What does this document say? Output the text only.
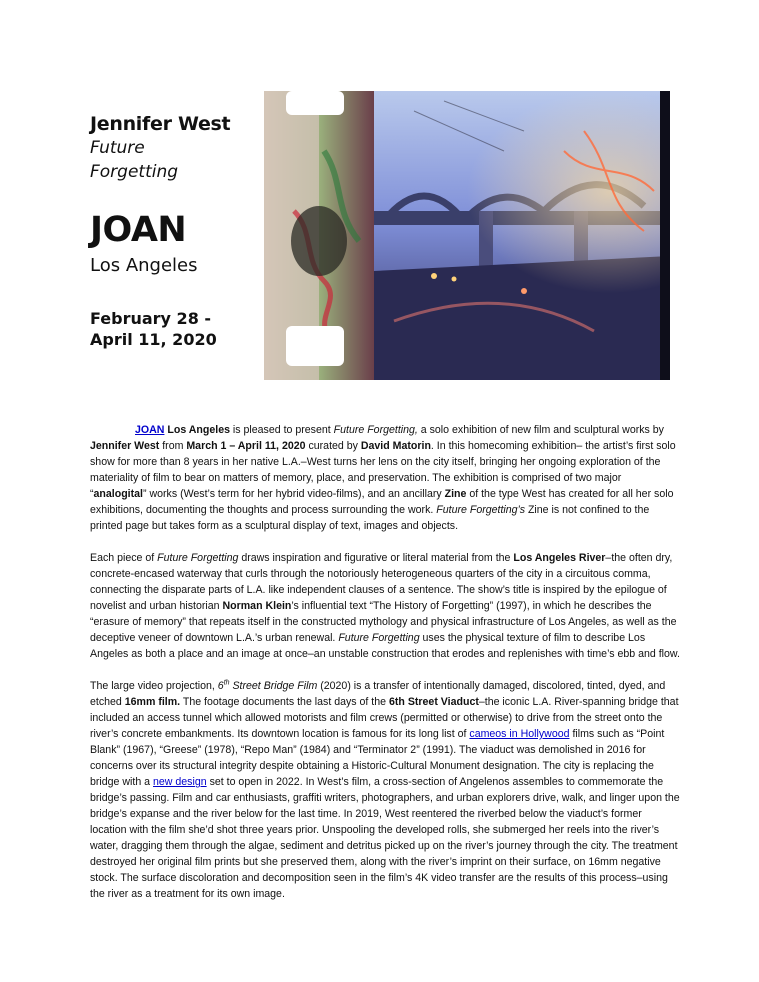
Jennifer West

Future

Forgetting

JOAN

Los Angeles

February 28 -
April 11, 2020

JOAN Los Angeles is pleased to present Future Forgetting, a solo exhibition of new film and sculptural works by Jennifer West from March 1 – April 11, 2020 curated by David Matorin. In this homecoming exhibition– the artist’s first solo show for more than 8 years in her native L.A.–West turns her lens on the city itself, bringing her ongoing exploration of the materiality of film to bear on matters of memory, place, and preservation. The exhibition is comprised of two major “analogital” works (West’s term for her hybrid video-films), and an ancillary Zine of the type West has created for all her solo exhibitions, documenting the thoughts and process surrounding the work. Future Forgetting’s Zine is not confined to the printed page but takes form as a sculptural display of text, images and objects.

Each piece of Future Forgetting draws inspiration and figurative or literal material from the Los Angeles River–the often dry, concrete-encased waterway that curls through the notoriously heterogeneous quarters of the city in a circuitous comma, connecting the disparate parts of L.A. like independent clauses of a sentence. The show’s title is inspired by the epilogue of novelist and urban historian Norman Klein’s influential text “The History of Forgetting” (1997), in which he describes the “erasure of memory” that repeats itself in the constructed mythology and physical infrastructure of Los Angeles, as well as the deceptive veneer of downtown L.A.’s urban renewal. Future Forgetting uses the physical texture of film to describe Los Angeles as both a place and an image at once–an unstable construction that erodes and replenishes with time’s ebb and flow.

The large video projection, 6th Street Bridge Film (2020) is a transfer of intentionally damaged, discolored, tinted, dyed, and etched 16mm film. The footage documents the last days of the 6th Street Viaduct–the iconic L.A. River-spanning bridge that included an access tunnel which allowed motorists and film crews (permitted or otherwise) to drive from the street onto the river’s concrete embankments. Its downtown location is famous for its long list of cameos in Hollywood films such as “Point Blank” (1967), “Greese” (1978), “Repo Man” (1984) and “Terminator 2” (1991). The viaduct was demolished in 2016 for concerns over its structural integrity despite obtaining a Historic-Cultural Monument designation. The city is replacing the bridge with a new design set to open in 2022. In West’s film, a cross-section of Angelenos assembles to commemorate the bridge’s passing. Film and car enthusiasts, graffiti writers, photographers, and urban explorers drive, walk, and linger upon the bridge’s expanse and the river below for the last time. In 2019, West reentered the riverbed below the viaduct’s former location with the film she’d shot three years prior. Unspooling the developed rolls, she submerged her reels into the river’s water, dragging them through the algae, sediment and detritus picked up on the river’s journey through the city. The treatment destroyed her original film prints but she preserved them, along with the river’s imprint on their surface, on 16mm negative stock. The surface discoloration and decomposition seen in the film’s 4K video transfer are the results of this process–using the river as a treatment for its own image.
